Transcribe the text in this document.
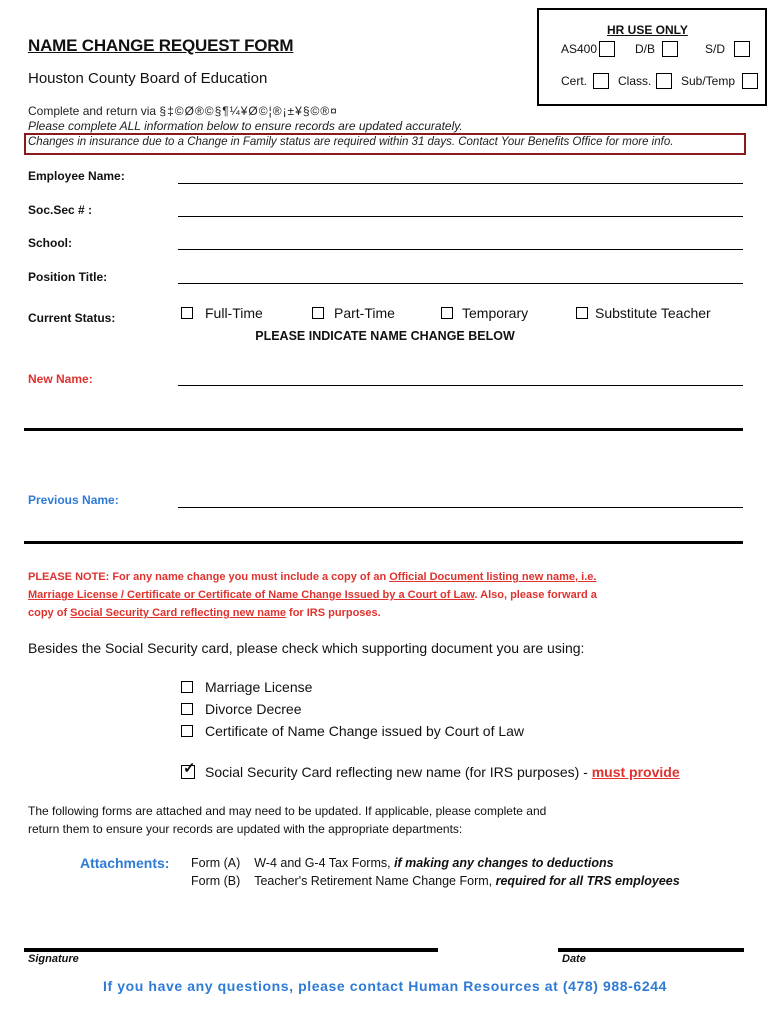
NAME CHANGE REQUEST FORM
Houston County Board of Education
Complete and return via §‡©Ø®©§¶¼¥Ø©¦®¡±¥§©®¤
Please complete ALL information below to ensure records are updated accurately.
Changes in insurance due to a Change in Family status are required within 31 days. Contact Your Benefits Office for more info.
HR USE ONLY
AS400	D/B	S/D
Cert.	Class. Sub/Temp
Employee Name:
Soc.Sec # :
School:
Position Title:
Current Status:	Full-Time	Part-Time	Temporary	Substitute Teacher
PLEASE INDICATE NAME CHANGE BELOW
New Name:
Previous Name:
PLEASE NOTE: For any name change you must include a copy of an Official Document listing new name, i.e.
Marriage License / Certificate or Certificate of Name Change Issued by a Court of Law. Also, please forward a
copy of Social Security Card reflecting new name for IRS purposes.
Besides the Social Security card, please check which supporting document you are using:
Marriage License
Divorce Decree
Certificate of Name Change issued by Court of Law
✓ Social Security Card reflecting new name (for IRS purposes) - must provide
The following forms are attached and may need to be updated. If applicable, please complete and
return them to ensure your records are updated with the appropriate departments:
Attachments: Form (A) W-4 and G-4 Tax Forms, if making any changes to deductions
Form (B) Teacher's Retirement Name Change Form, required for all TRS employees
Signature	Date
If you have any questions, please contact Human Resources at (478) 988-6244
